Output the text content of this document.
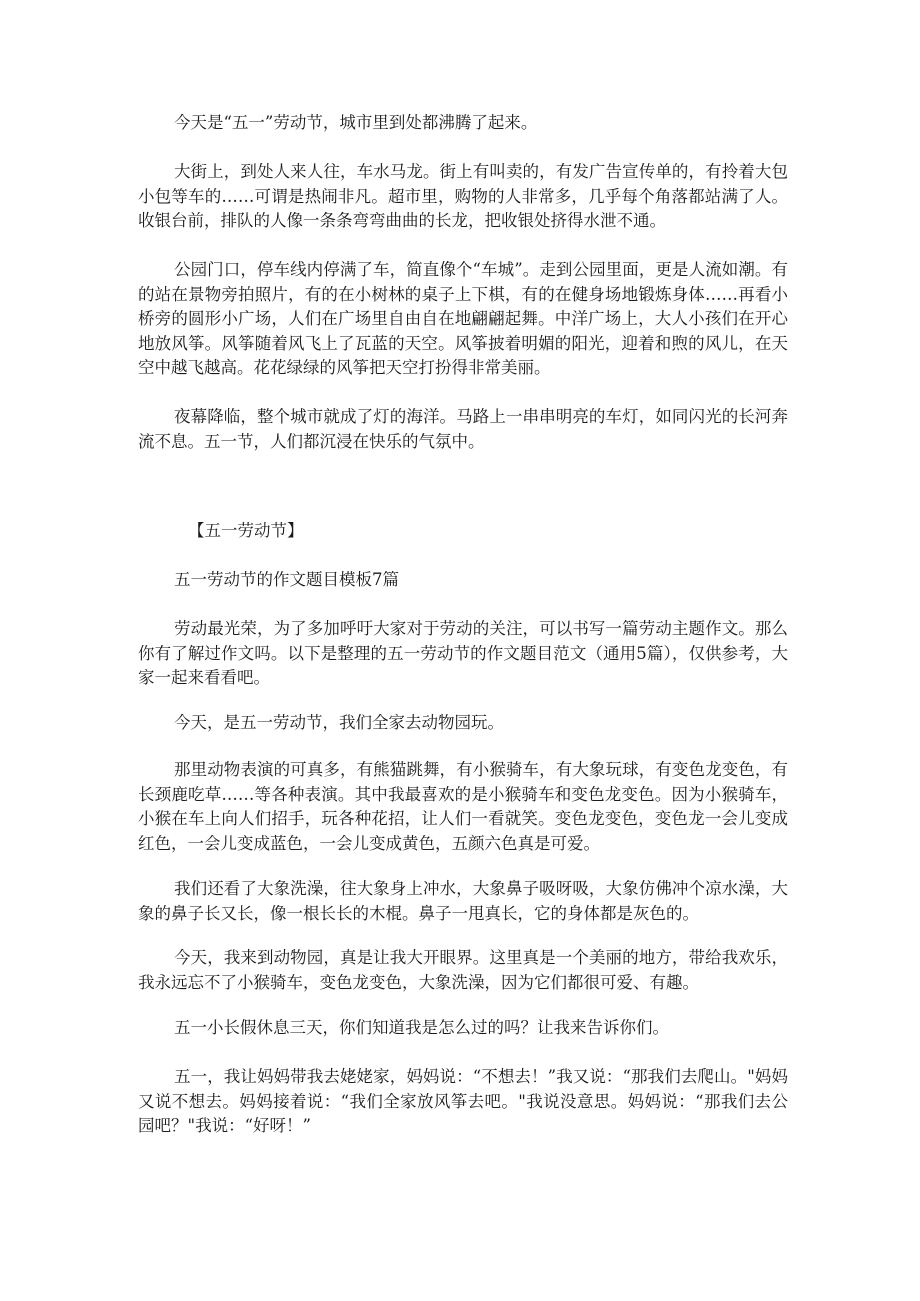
今天是“五一”劳动节，城市里到处都沸腾了起来。

大街上，到处人来人往，车水马龙。街上有叫卖的，有发广告宣传单的，有拎着大包小包等车的……可谓是热闹非凡。超市里，购物的人非常多，几乎每个角落都站满了人。收银台前，排队的人像一条条弯弯曲曲的长龙，把收银处挤得水泄不通。

公园门口，停车线内停满了车，简直像个“车城”。走到公园里面，更是人流如潮。有的站在景物旁拍照片，有的在小树林的桌子上下棋，有的在健身场地锻炼身体……再看小桥旁的圆形小广场，人们在广场里自由自在地翩翩起舞。中洋广场上，大人小孩们在开心地放风筝。风筝随着风飞上了瓦蓝的天空。风筝披着明媚的阳光，迎着和煦的风儿，在天空中越飞越高。花花绿绿的风筝把天空打扮得非常美丽。

夜幕降临，整个城市就成了灯的海洋。马路上一串串明亮的车灯，如同闪光的长河奔流不息。五一节，人们都沉浸在快乐的气氛中。

【五一劳动节】

五一劳动节的作文题目模板7篇

劳动最光荣，为了多加呼吁大家对于劳动的关注，可以书写一篇劳动主题作文。那么你有了解过作文吗。以下是整理的五一劳动节的作文题目范文（通用5篇），仅供参考，大家一起来看看吧。

今天，是五一劳动节，我们全家去动物园玩。

那里动物表演的可真多，有熊猫跳舞，有小猴骑车，有大象玩球，有变色龙变色，有长颈鹿吃草……等各种表演。其中我最喜欢的是小猴骑车和变色龙变色。因为小猴骑车，小猴在车上向人们招手，玩各种花招，让人们一看就笑。变色龙变色，变色龙一会儿变成红色，一会儿变成蓝色，一会儿变成黄色，五颜六色真是可爱。

我们还看了大象洗澡，往大象身上冲水，大象鼻子吸呀吸，大象仿佛冲个凉水澡，大象的鼻子长又长，像一根长长的木棍。鼻子一甩真长，它的身体都是灰色的。

今天，我来到动物园，真是让我大开眼界。这里真是一个美丽的地方，带给我欢乐，我永远忘不了小猴骑车，变色龙变色，大象洗澡，因为它们都很可爱、有趣。

五一小长假休息三天，你们知道我是怎么过的吗？让我来告诉你们。

五一，我让妈妈带我去姥姥家，妈妈说：“不想去！”我又说：“那我们去爬山。"妈妈又说不想去。妈妈接着说：“我们全家放风筝去吧。"我说没意思。妈妈说：“那我们去公园吧？"我说：“好呀！”
